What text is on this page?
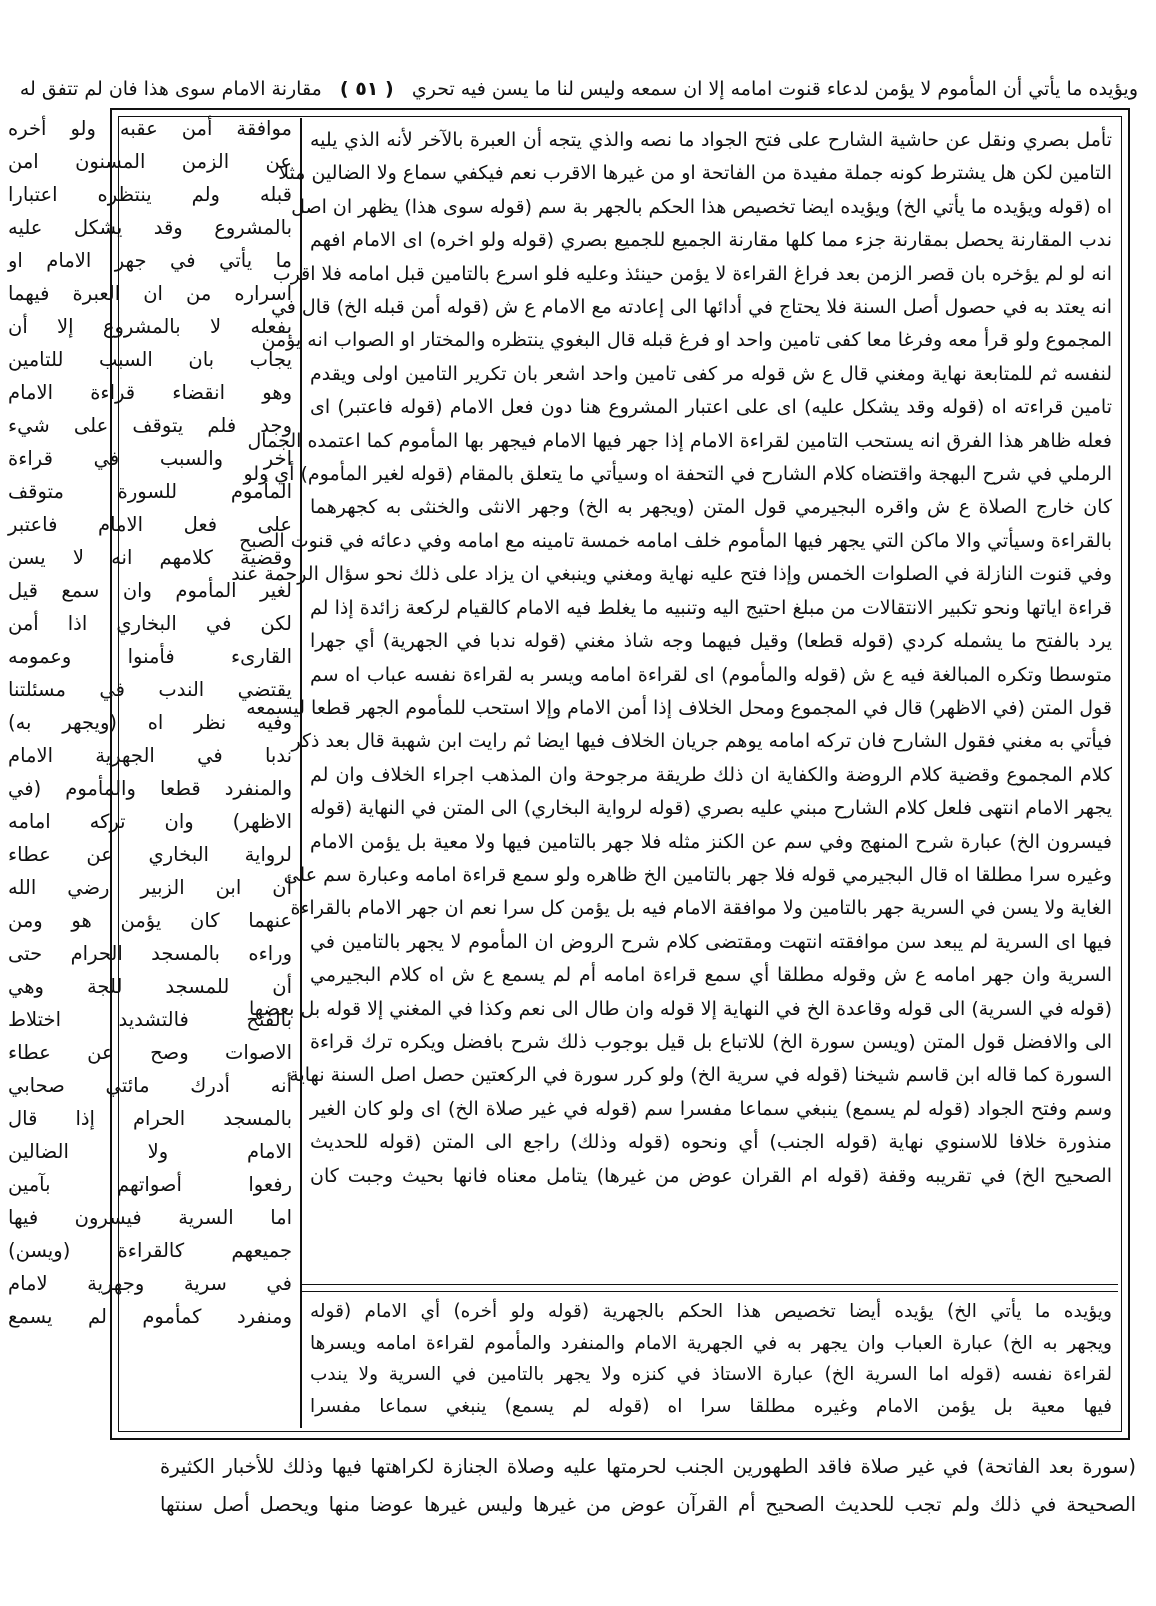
ويؤيده ما يأتي أن المأموم لا يؤمن لدعاء قنوت امامه إلا ان سمعه وليس لنا ما يسن فيه تحري   ( ٥١ )   مقارنة الامام سوى هذا فان لم تتفق له
موافقة أمن عقبه ولو أخره
عن الزمن المسنون امن
قبله ولم ينتظره اعتبارا
بالمشروع وقد يشكل عليه
ما يأتي في جهر الامام او
اسراره من ان العبرة فيهما
بفعله لا بالمشروع إلا أن
يجاب بان السبب للتامين
وهو انقضاء قراءة الامام
وجد فلم يتوقف على شيء
اخر والسبب في قراءة
المأموم للسورة متوقف
على فعل الامام فاعتبر
وقضية كلامهم انه لا يسن
لغير المأموم وان سمع قيل
لكن في البخاري اذا أمن
القارىء فأمنوا وعمومه
يقتضي الندب في مسئلتنا
وفيه نظر اه (ويجهر به)
ندبا في الجهرية الامام
والمنفرد قطعا والمأموم (في
الاظهر) وان تركه امامه
لرواية البخاري عن عطاء
أن ابن الزبير رضي الله
عنهما كان يؤمن هو ومن
وراءه بالمسجد الحرام حتى
أن للمسجد للجة وهي
بالفتح فالتشديد اختلاط
الاصوات وصح عن عطاء
أنه أدرك مائتي صحابي
بالمسجد الحرام إذا قال
الامام ولا الضالين
رفعوا أصواتهم بآمين
اما السرية فيسرون فيها
جميعهم كالقراءة (ويسن)
في سرية وجهرية لامام
ومنفرد كمأموم لم يسمع
تأمل بصري ونقل عن حاشية الشارح على فتح الجواد ما نصه والذي يتجه أن العبرة بالآخر لأنه الذي يليه
التامين لكن هل يشترط كونه جملة مفيدة من الفاتحة او من غيرها الاقرب نعم فيكفي سماع ولا الضالين مثلا
اه (قوله ويؤيده ما يأتي الخ) ويؤيده ايضا تخصيص هذا الحكم بالجهر بة سم (قوله سوى هذا) يظهر ان اصل
ندب المقارنة يحصل بمقارنة جزء مما كلها مقارنة الجميع للجميع بصري (قوله ولو اخره) اى الامام افهم
انه لو لم يؤخره بان قصر الزمن بعد فراغ القراءة لا يؤمن حينئذ وعليه فلو اسرع بالتامين قبل امامه فلا اقرب
انه يعتد به في حصول أصل السنة فلا يحتاج في أدائها الى إعادته مع الامام ع ش (قوله أمن قبله الخ) قال في
المجموع ولو قرأ معه وفرغا معا كفى تامين واحد او فرغ قبله قال البغوي ينتظره والمختار او الصواب انه يؤمن
لنفسه ثم للمتابعة نهاية ومغني قال ع ش قوله مر كفى تامين واحد اشعر بان تكرير التامين اولى ويقدم
تامين قراءته اه (قوله وقد يشكل عليه) اى على اعتبار المشروع هنا دون فعل الامام (قوله فاعتبر) اى
فعله ظاهر هذا الفرق انه يستحب التامين لقراءة الامام إذا جهر فيها الامام فيجهر بها المأموم كما اعتمده الجمال
الرملي في شرح البهجة واقتضاه كلام الشارح في التحفة اه وسيأتي ما يتعلق بالمقام (قوله لغير المأموم) أي ولو
كان خارج الصلاة ع ش واقره البجيرمي قول المتن (ويجهر به الخ) وجهر الانثى والخنثى به كجهرهما
بالقراءة وسيأتي والا ماكن التي يجهر فيها المأموم خلف امامه خمسة تامينه مع امامه وفي دعائه في قنوت الصبح
وفي قنوت النازلة في الصلوات الخمس وإذا فتح عليه نهاية ومغني وينبغي ان يزاد على ذلك نحو سؤال الرحمة عند
قراءة اياتها ونحو تكبير الانتقالات من مبلغ احتيج اليه وتنبيه ما يغلط فيه الامام كالقيام لركعة زائدة إذا لم
يرد بالفتح ما يشمله كردي (قوله قطعا) وقيل فيهما وجه شاذ مغني (قوله ندبا في الجهرية) أي جهرا
متوسطا وتكره المبالغة فيه ع ش (قوله والمأموم) اى لقراءة امامه ويسر به لقراءة نفسه عباب اه سم
قول المتن (في الاظهر) قال في المجموع ومحل الخلاف إذا أمن الامام وإلا استحب للمأموم الجهر قطعا ليسمعه
فيأتي به مغني فقول الشارح فان تركه امامه يوهم جريان الخلاف فيها ايضا ثم رايت ابن شهبة قال بعد ذكر
كلام المجموع وقضية كلام الروضة والكفاية ان ذلك طريقة مرجوحة وان المذهب اجراء الخلاف وان لم
يجهر الامام انتهى فلعل كلام الشارح مبني عليه بصري (قوله لرواية البخاري) الى المتن في النهاية (قوله
فيسرون الخ) عبارة شرح المنهج وفي سم عن الكنز مثله فلا جهر بالتامين فيها ولا معية بل يؤمن الامام
وغيره سرا مطلقا اه قال البجيرمي قوله فلا جهر بالتامين الخ ظاهره ولو سمع قراءة امامه وعبارة سم على
الغاية ولا يسن في السرية جهر بالتامين ولا موافقة الامام فيه بل يؤمن كل سرا نعم ان جهر الامام بالقراءة
فيها اى السرية لم يبعد سن موافقته انتهت ومقتضى كلام شرح الروض ان المأموم لا يجهر بالتامين في
السرية وان جهر امامه ع ش وقوله مطلقا أي سمع قراءة امامه أم لم يسمع ع ش اه كلام البجيرمي
(قوله في السرية) الى قوله وقاعدة الخ في النهاية إلا قوله وان طال الى نعم وكذا في المغني إلا قوله بل بعضها
الى والافضل قول المتن (ويسن سورة الخ) للاتباع بل قيل بوجوب ذلك شرح بافضل ويكره ترك قراءة
السورة كما قاله ابن قاسم شيخنا (قوله في سرية الخ) ولو كرر سورة في الركعتين حصل اصل السنة نهاية
وسم وفتح الجواد (قوله لم يسمع) ينبغي سماعا مفسرا سم (قوله في غير صلاة الخ) اى ولو كان الغير
منذورة خلافا للاسنوي نهاية (قوله الجنب) أي ونحوه (قوله وذلك) راجع الى المتن (قوله للحديث
الصحيح الخ) في تقريبه وقفة (قوله ام القران عوض من غيرها) يتامل معناه فانها بحيث وجبت كان
ويؤيده ما يأتي الخ) يؤيده أيضا تخصيص هذا الحكم بالجهرية (قوله ولو أخره) أي الامام (قوله
ويجهر به الخ) عبارة العباب وان يجهر به في الجهرية الامام والمنفرد والمأموم لقراءة امامه ويسرها
لقراءة نفسه (قوله اما السرية الخ) عبارة الاستاذ في كنزه ولا يجهر بالتامين في السرية ولا يندب
فيها معية بل يؤمن الامام وغيره مطلقا سرا اه (قوله لم يسمع) ينبغي سماعا مفسرا
(سورة بعد الفاتحة) في غير صلاة فاقد الطهورين الجنب لحرمتها عليه وصلاة الجنازة لكراهتها فيها وذلك للأخبار الكثيرة
الصحيحة في ذلك ولم تجب للحديث الصحيح أم القرآن عوض من غيرها وليس غيرها عوضا منها ويحصل أصل سنتها
